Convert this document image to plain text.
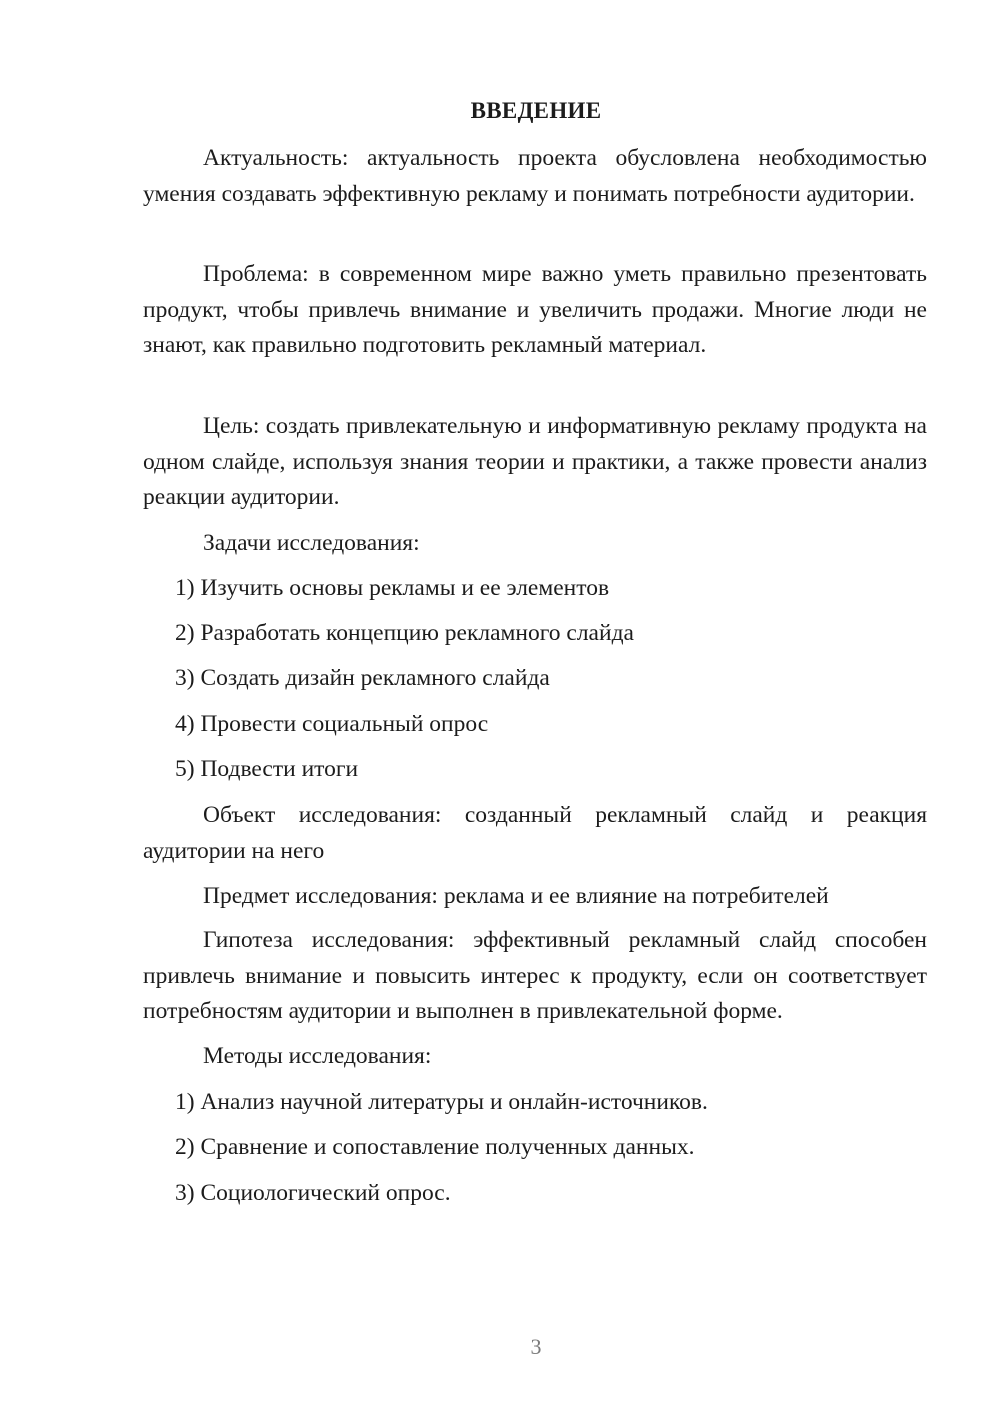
ВВЕДЕНИЕ

Актуальность: актуальность проекта обусловлена необходимостью умения создавать эффективную рекламу и понимать потребности аудитории.

Проблема: в современном мире важно уметь правильно презентовать продукт, чтобы привлечь внимание и увеличить продажи. Многие люди не знают, как правильно подготовить рекламный материал.

Цель: создать привлекательную и информативную рекламу продукта на одном слайде, используя знания теории и практики, а также провести анализ реакции аудитории.

Задачи исследования:

1) Изучить основы рекламы и ее элементов

2) Разработать концепцию рекламного слайда

3) Создать дизайн рекламного слайда

4) Провести социальный опрос

5) Подвести итоги

Объект исследования: созданный рекламный слайд и реакция аудитории на него

Предмет исследования: реклама и ее влияние на потребителей

Гипотеза исследования: эффективный рекламный слайд способен привлечь внимание и повысить интерес к продукту, если он соответствует потребностям аудитории и выполнен в привлекательной форме.

Методы исследования:

1) Анализ научной литературы и онлайн-источников.

2) Сравнение и сопоставление полученных данных.

3) Социологический опрос.

3
